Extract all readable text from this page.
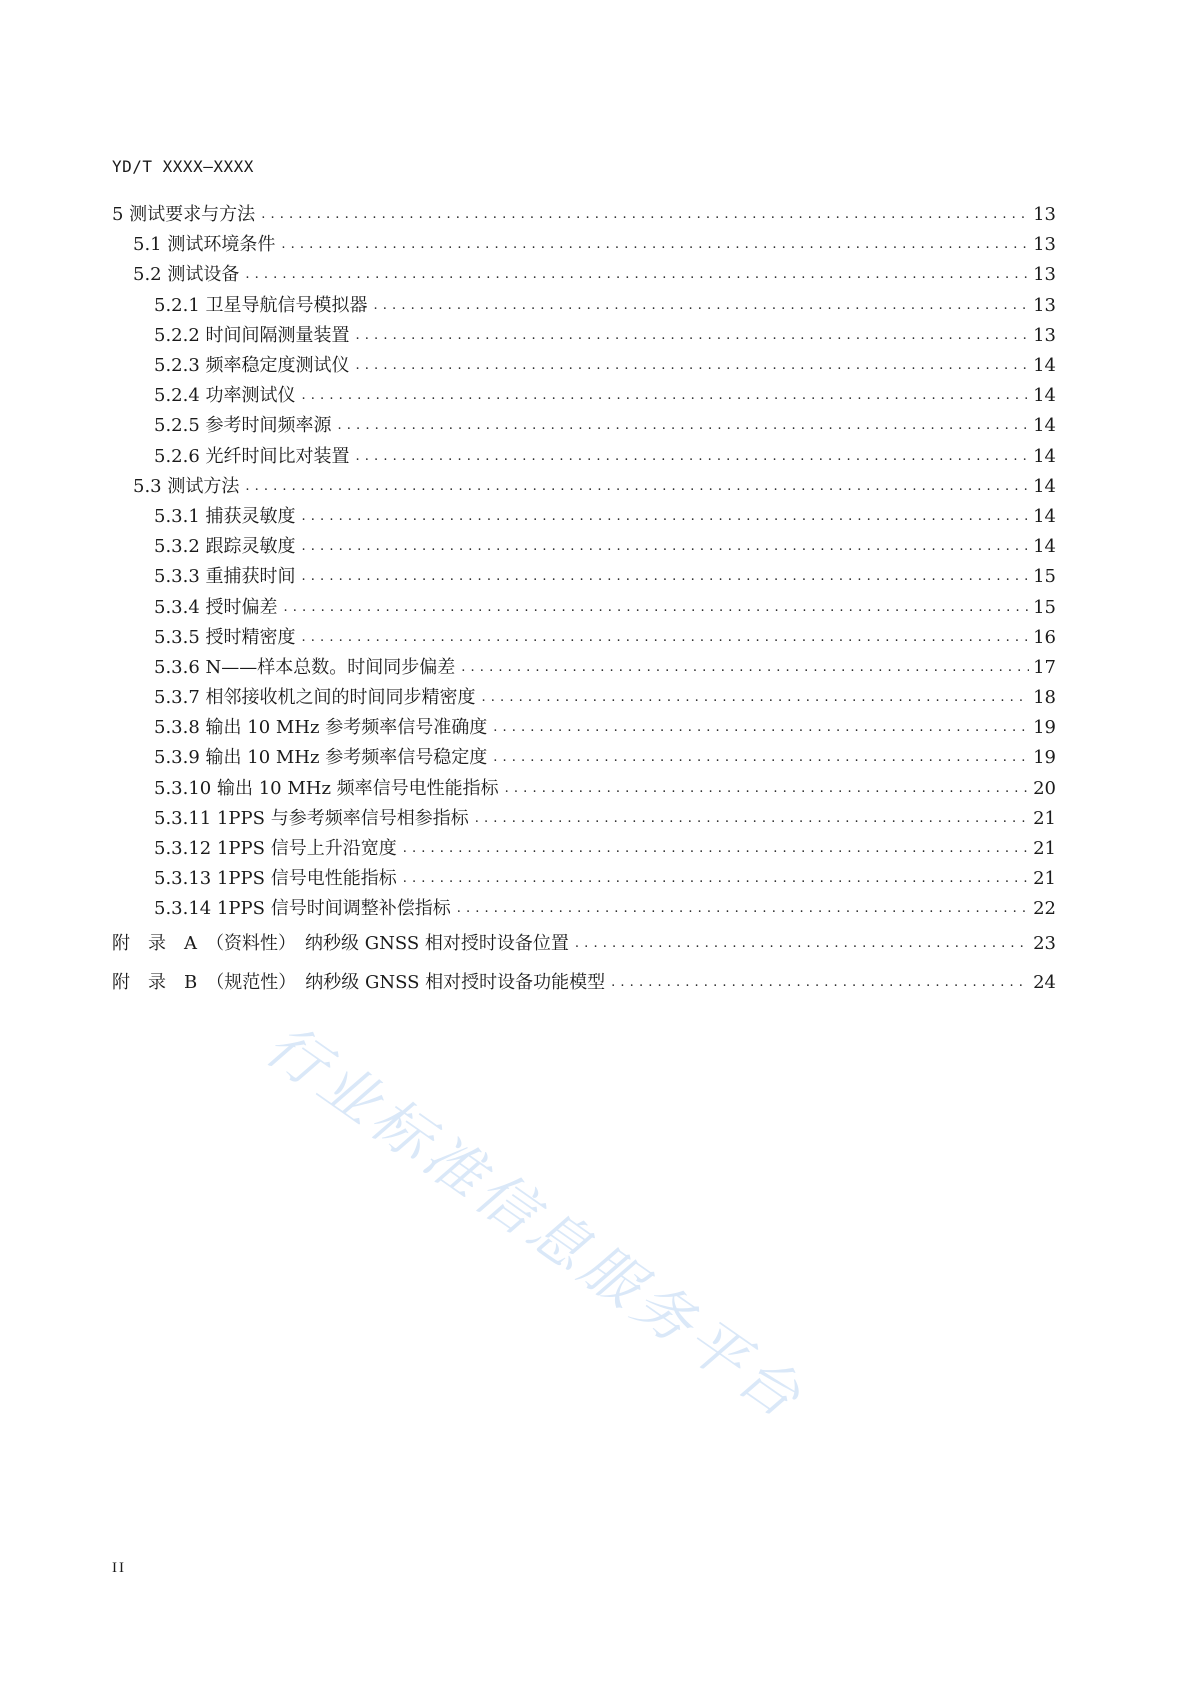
YD/T XXXX—XXXX
5 测试要求与方法 . . .	13
5.1 测试环境条件 . . .	13
5.2 测试设备 . . .	13
5.2.1 卫星导航信号模拟器 . . .	13
5.2.2 时间间隔测量装置 . . .	13
5.2.3 频率稳定度测试仪 . . .	14
5.2.4 功率测试仪 . . .	14
5.2.5 参考时间频率源 . . .	14
5.2.6 光纤时间比对装置 . . .	14
5.3 测试方法 . . .	14
5.3.1 捕获灵敏度 . . .	14
5.3.2 跟踪灵敏度 . . .	14
5.3.3 重捕获时间 . . .	15
5.3.4 授时偏差 . . .	15
5.3.5 授时精密度 . . .	16
5.3.6 N——样本总数。时间同步偏差 . . .	17
5.3.7 相邻接收机之间的时间同步精密度 . . .	18
5.3.8 输出 10 MHz 参考频率信号准确度 . . .	19
5.3.9 输出 10 MHz 参考频率信号稳定度 . . .	19
5.3.10 输出 10 MHz 频率信号电性能指标 . . .	20
5.3.11 1PPS 与参考频率信号相参指标 . . .	21
5.3.12 1PPS 信号上升沿宽度 . . .	21
5.3.13 1PPS 信号电性能指标 . . .	21
5.3.14 1PPS 信号时间调整补偿指标 . . .	22
附　录　A　（资料性）　纳秒级 GNSS 相对授时设备位置 . . .	23
附　录　B　（规范性）　纳秒级 GNSS 相对授时设备功能模型 . . .	24
行业标准信息服务平台
II
